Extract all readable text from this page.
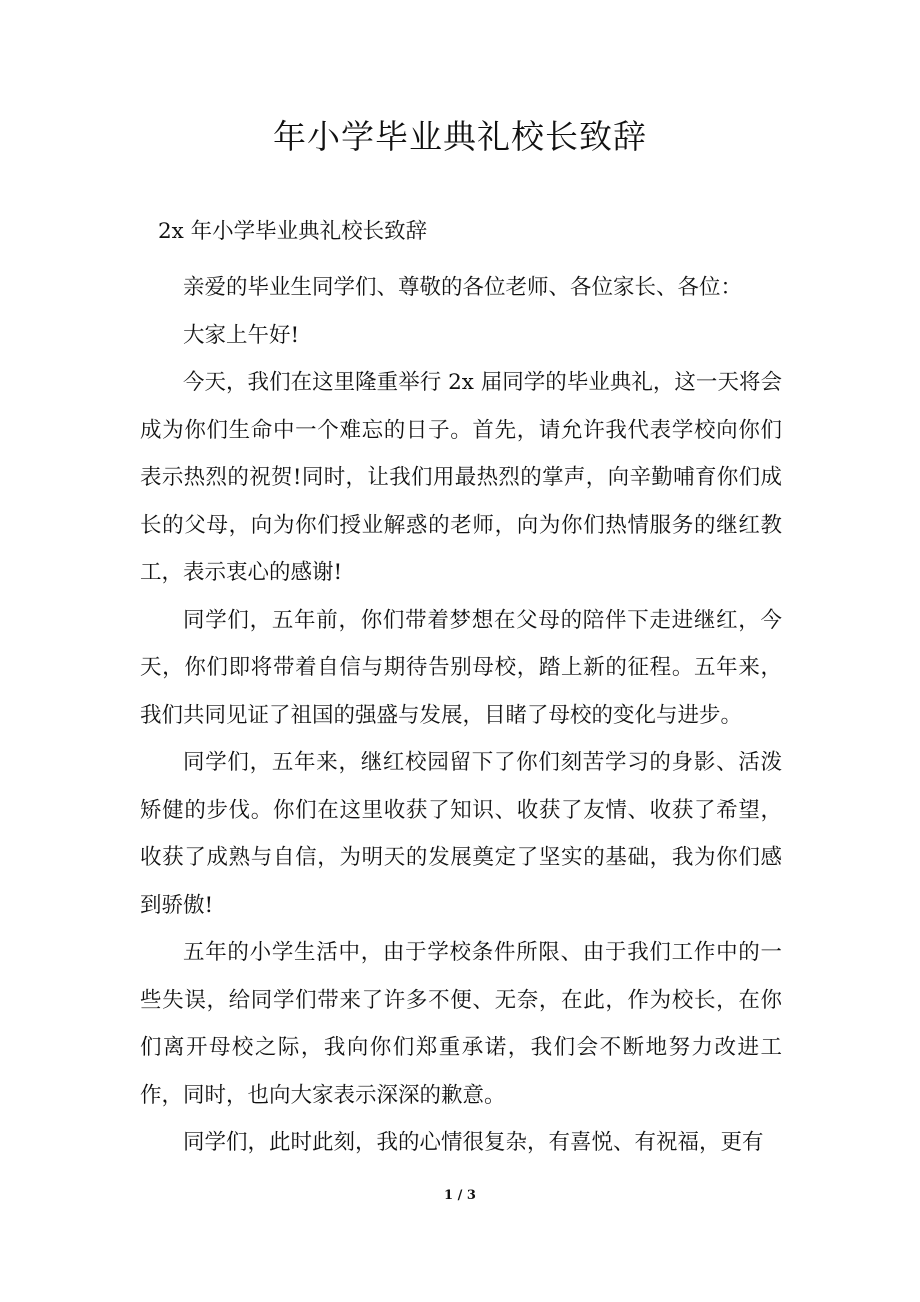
年小学毕业典礼校长致辞

2x 年小学毕业典礼校长致辞

亲爱的毕业生同学们、尊敬的各位老师、各位家长、各位：

大家上午好!

今天，我们在这里隆重举行 2x 届同学的毕业典礼，这一天将会成为你们生命中一个难忘的日子。首先，请允许我代表学校向你们表示热烈的祝贺!同时，让我们用最热烈的掌声，向辛勤哺育你们成长的父母，向为你们授业解惑的老师，向为你们热情服务的继红教工，表示衷心的感谢!

同学们，五年前，你们带着梦想在父母的陪伴下走进继红，今天，你们即将带着自信与期待告别母校，踏上新的征程。五年来，我们共同见证了祖国的强盛与发展，目睹了母校的变化与进步。

同学们，五年来，继红校园留下了你们刻苦学习的身影、活泼矫健的步伐。你们在这里收获了知识、收获了友情、收获了希望，收获了成熟与自信，为明天的发展奠定了坚实的基础，我为你们感到骄傲!

五年的小学生活中，由于学校条件所限、由于我们工作中的一些失误，给同学们带来了许多不便、无奈，在此，作为校长，在你们离开母校之际，我向你们郑重承诺，我们会不断地努力改进工作，同时，也向大家表示深深的歉意。

同学们，此时此刻，我的心情很复杂，有喜悦、有祝福，更有

1 / 3
